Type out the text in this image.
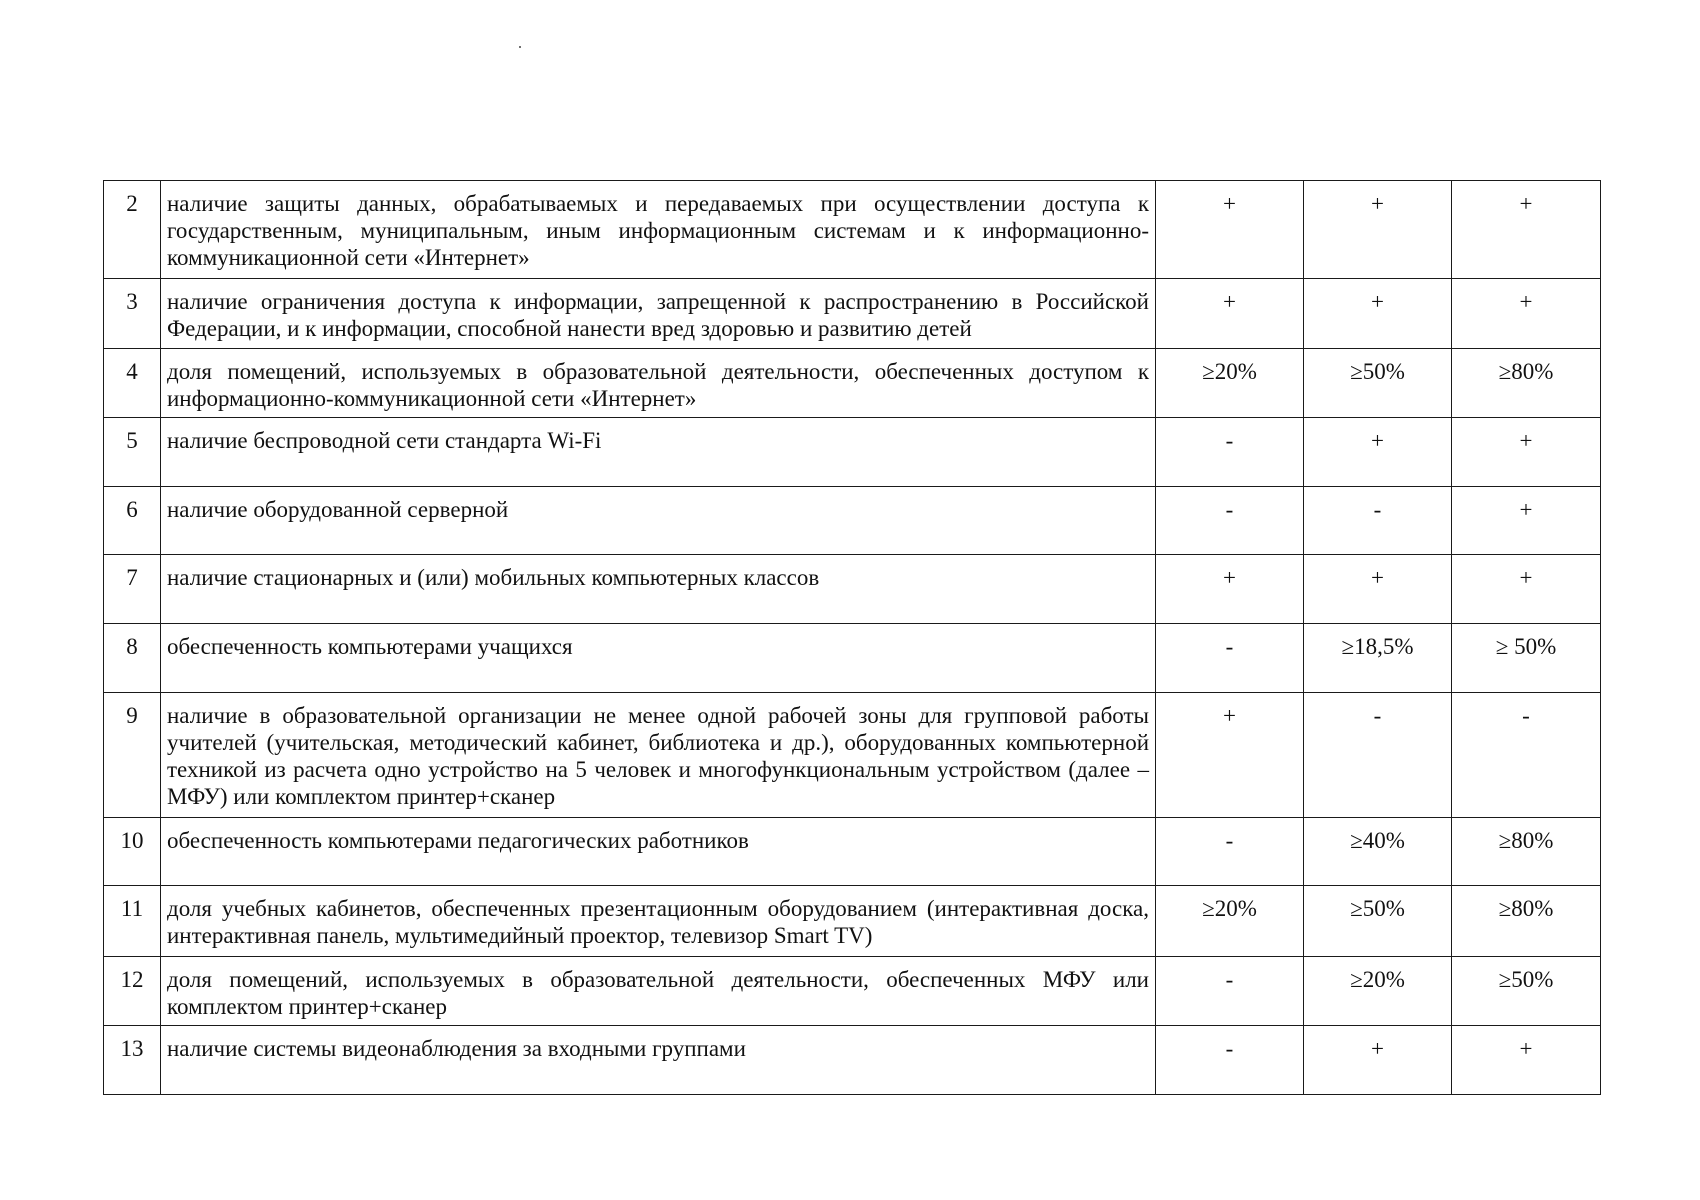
2	наличие защиты данных, обрабатываемых и передаваемых при осуществлении доступа к государственным, муниципальным, иным информационным системам и к информационно-коммуникационной сети «Интернет»	+	+	+
3	наличие ограничения доступа к информации, запрещенной к распространению в Российской Федерации, и к информации, способной нанести вред здоровью и развитию детей	+	+	+
4	доля помещений, используемых в образовательной деятельности, обеспеченных доступом к информационно-коммуникационной сети «Интернет»	≥20%	≥50%	≥80%
5	наличие беспроводной сети стандарта Wi-Fi	-	+	+
6	наличие оборудованной серверной	-	-	+
7	наличие стационарных и (или) мобильных компьютерных классов	+	+	+
8	обеспеченность компьютерами учащихся	-	≥18,5%	≥ 50%
9	наличие в образовательной организации не менее одной рабочей зоны для групповой работы учителей (учительская, методический кабинет, библиотека и др.), оборудованных компьютерной техникой из расчета одно устройство на 5 человек и многофункциональным устройством (далее – МФУ) или комплектом принтер+сканер	+	-	-
10	обеспеченность компьютерами педагогических работников	-	≥40%	≥80%
11	доля учебных кабинетов, обеспеченных презентационным оборудованием (интерактивная доска, интерактивная панель, мультимедийный проектор, телевизор Smart TV)	≥20%	≥50%	≥80%
12	доля помещений, используемых в образовательной деятельности, обеспеченных МФУ или комплектом принтер+сканер	-	≥20%	≥50%
13	наличие системы видеонаблюдения за входными группами	-	+	+
